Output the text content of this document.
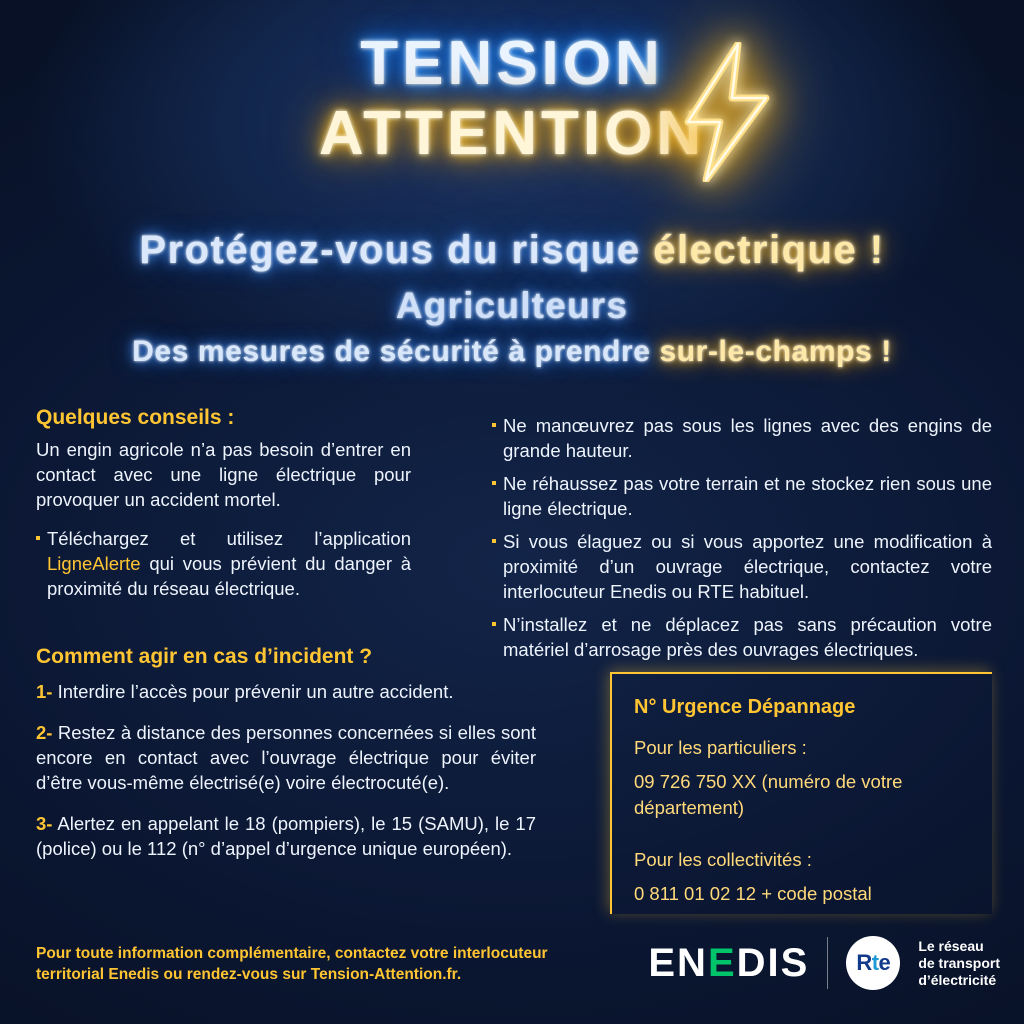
TENSION
ATTENTION
Protégez-vous du risque électrique !
Agriculteurs
Des mesures de sécurité à prendre sur-le-champs !
Quelques conseils :
Un engin agricole n’a pas besoin d’entrer en contact avec une ligne électrique pour provoquer un accident mortel.
Téléchargez et utilisez l’application LigneAlerte qui vous prévient du danger à proximité du réseau électrique.
Ne manœuvrez pas sous les lignes avec des engins de grande hauteur.
Ne réhaussez pas votre terrain et ne stockez rien sous une ligne électrique.
Si vous élaguez ou si vous apportez une modification à proximité d’un ouvrage électrique, contactez votre interlocuteur Enedis ou RTE habituel.
N’installez et ne déplacez pas sans précaution votre matériel d’arrosage près des ouvrages électriques.
Comment agir en cas d’incident ?
1- Interdire l’accès pour prévenir un autre accident.
2- Restez à distance des personnes concernées si elles sont encore en contact avec l’ouvrage électrique pour éviter d’être vous-même électrisé(e) voire électrocuté(e).
3- Alertez en appelant le 18 (pompiers), le 15 (SAMU), le 17 (police) ou le 112 (n° d’appel d’urgence unique européen).
N° Urgence Dépannage

Pour les particuliers :

09 726 750 XX (numéro de votre département)

Pour les collectivités :

0 811 01 02 12 + code postal

Pour toute information complémentaire, contactez votre interlocuteur territorial Enedis ou rendez-vous sur Tension-Attention.fr.	ENEDIS R t e
Le réseau
de transport
d’électricité
